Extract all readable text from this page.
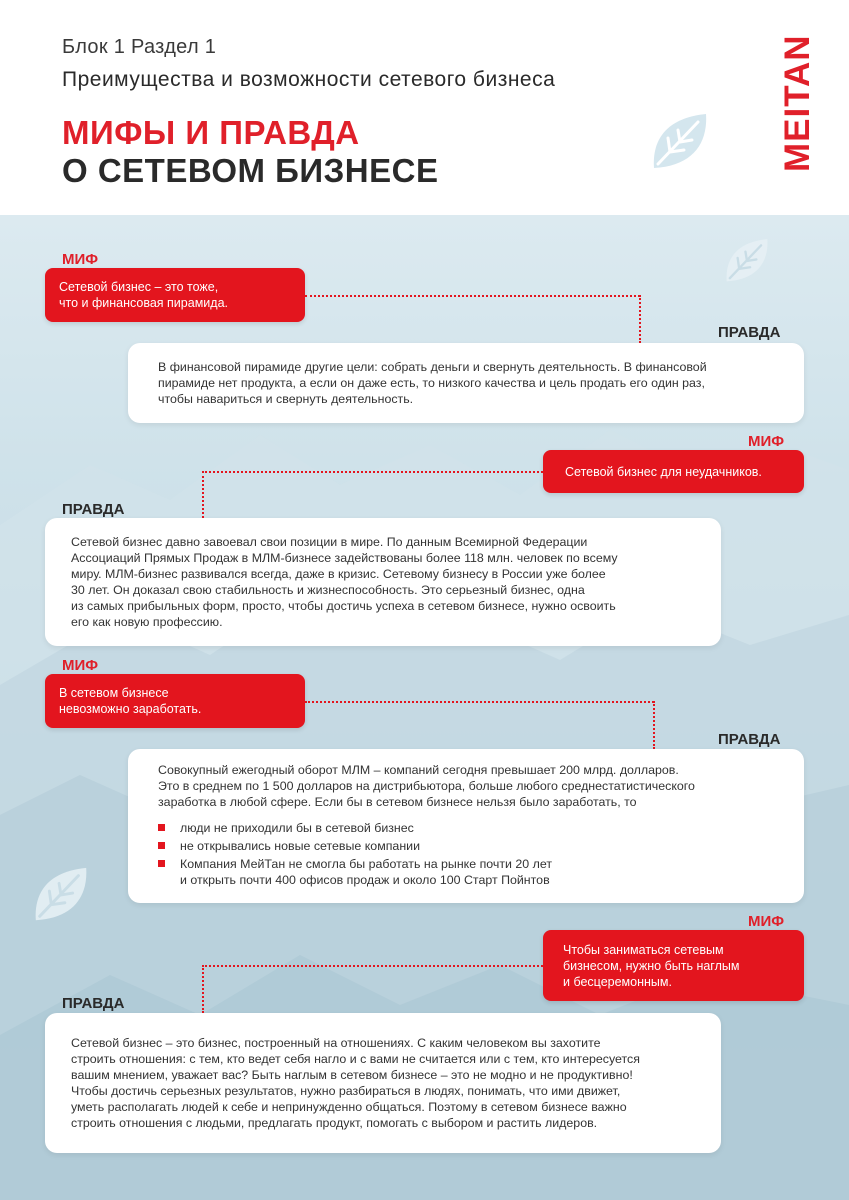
Блок 1 Раздел 1
Преимущества и возможности сетевого бизнеса
МИФЫ И ПРАВДА
О СЕТЕВОМ БИЗНЕСЕ	MEITAN
МИФ
Сетевой бизнес – это тоже,
что и финансовая пирамида.
ПРАВДА
В финансовой пирамиде другие цели: собрать деньги и свернуть деятельность. В финансовой
пирамиде нет продукта, а если он даже есть, то низкого качества и цель продать его один раз,
чтобы навариться и свернуть деятельность.
МИФ
Сетевой бизнес для неудачников.
ПРАВДА
Сетевой бизнес давно завоевал свои позиции в мире. По данным Всемирной Федерации
Ассоциаций Прямых Продаж в МЛМ-бизнесе задействованы более 118 млн. человек по всему
миру. МЛМ-бизнес развивался всегда, даже в кризис. Сетевому бизнесу в России уже более
30 лет. Он доказал свою стабильность и жизнеспособность. Это серьезный бизнес, одна
из самых прибыльных форм, просто, чтобы достичь успеха в сетевом бизнесе, нужно освоить
его как новую профессию.
МИФ
В сетевом бизнесе
невозможно заработать.
ПРАВДА
Совокупный ежегодный оборот МЛМ – компаний сегодня превышает 200 млрд. долларов.
Это в среднем по 1 500 долларов на дистрибьютора, больше любого среднестатистического
заработка в любой сфере. Если бы в сетевом бизнесе нельзя было заработать, то
люди не приходили бы в сетевой бизнес
не открывались новые сетевые компании
Компания МейТан не смогла бы работать на рынке почти 20 лет
и открыть почти 400 офисов продаж и около 100 Старт Пойнтов
МИФ
Чтобы заниматься сетевым
бизнесом, нужно быть наглым
и бесцеремонным.
ПРАВДА
Сетевой бизнес – это бизнес, построенный на отношениях. С каким человеком вы захотите
строить отношения: с тем, кто ведет себя нагло и с вами не считается или с тем, кто интересуется
вашим мнением, уважает вас? Быть наглым в сетевом бизнесе – это не модно и не продуктивно!
Чтобы достичь серьезных результатов, нужно разбираться в людях, понимать, что ими движет,
уметь располагать людей к себе и непринужденно общаться. Поэтому в сетевом бизнесе важно
строить отношения с людьми, предлагать продукт, помогать с выбором и растить лидеров.
